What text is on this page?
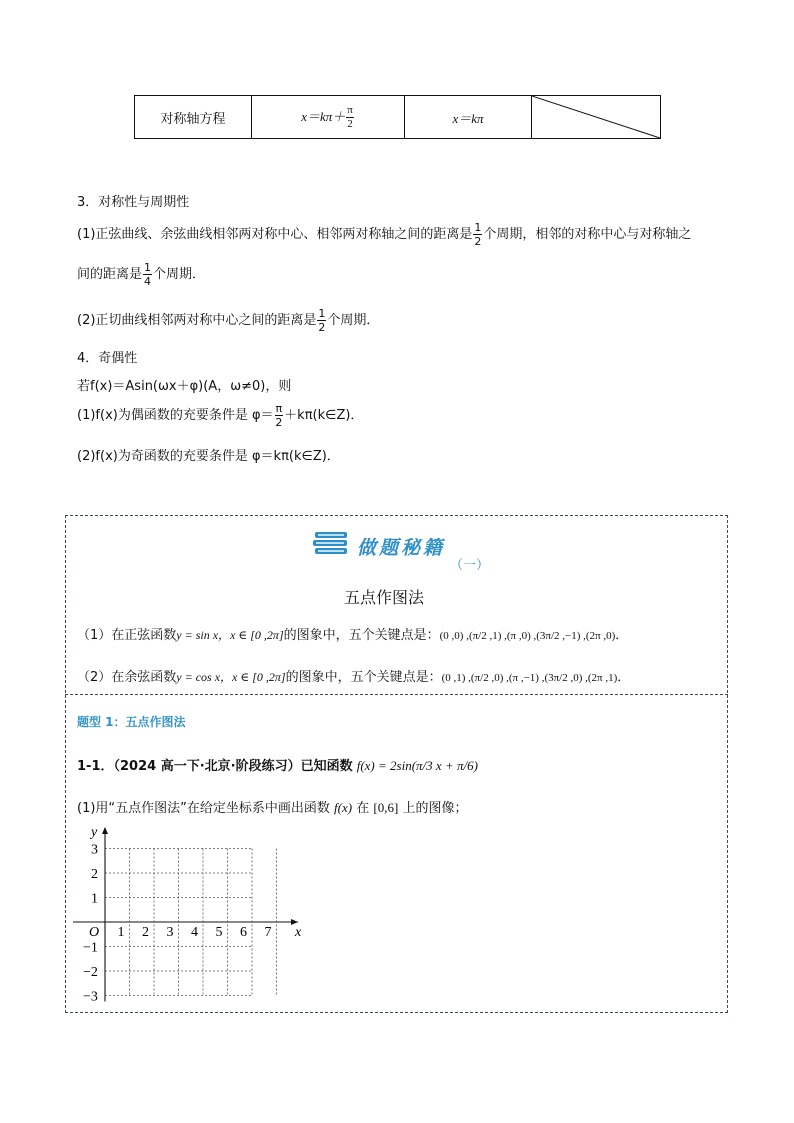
对称轴方程	$x=k\pi+ \frac{\pi}{2}$	x＝kπ	
3．对称性与周期性
(1)正弦曲线、余弦曲线相邻两对称中心、相邻两对称轴之间的距离是 $\frac{1}{2}$ 个周期，相邻的对称中心与对称轴之
间的距离是 $\frac{1}{4}$ 个周期．
(2)正切曲线相邻两对称中心之间的距离是 $\frac{1}{2}$ 个周期．
4．奇偶性
若f(x)＝Asin(ωx＋φ)(A，ω≠0)，则
(1)f(x)为偶函数的充要条件是 $\varphi= \frac{\pi}{2}$ ＋kπ(k∈Z)．
(2)f(x)为奇函数的充要条件是 φ＝kπ(k∈Z)．
做题秘籍
（一）
五点作图法
（1）在正弦函数y = sin x，x ∈ [0 ,2π]的图象中，五个关键点是：(0 ,0) ,(π/2 ,1) ,(π ,0) ,(3π/2 ,−1) ,(2π ,0)．
（2）在余弦函数y = cos x，x ∈ [0 ,2π]的图象中，五个关键点是：(0 ,1) ,(π/2 ,0) ,(π ,−1) ,(3π/2 ,0) ,(2π ,1)．
题型 1：五点作图法
1-1．（2024 高一下·北京·阶段练习）已知函数 f(x) = 2sin(π/3 x + π/6)
(1)用“五点作图法”在给定坐标系中画出函数 f(x) 在 [0,6] 上的图像；
1 2 3 4 5 6 7
3
2
1
−1
−2
−3
O	x
y
